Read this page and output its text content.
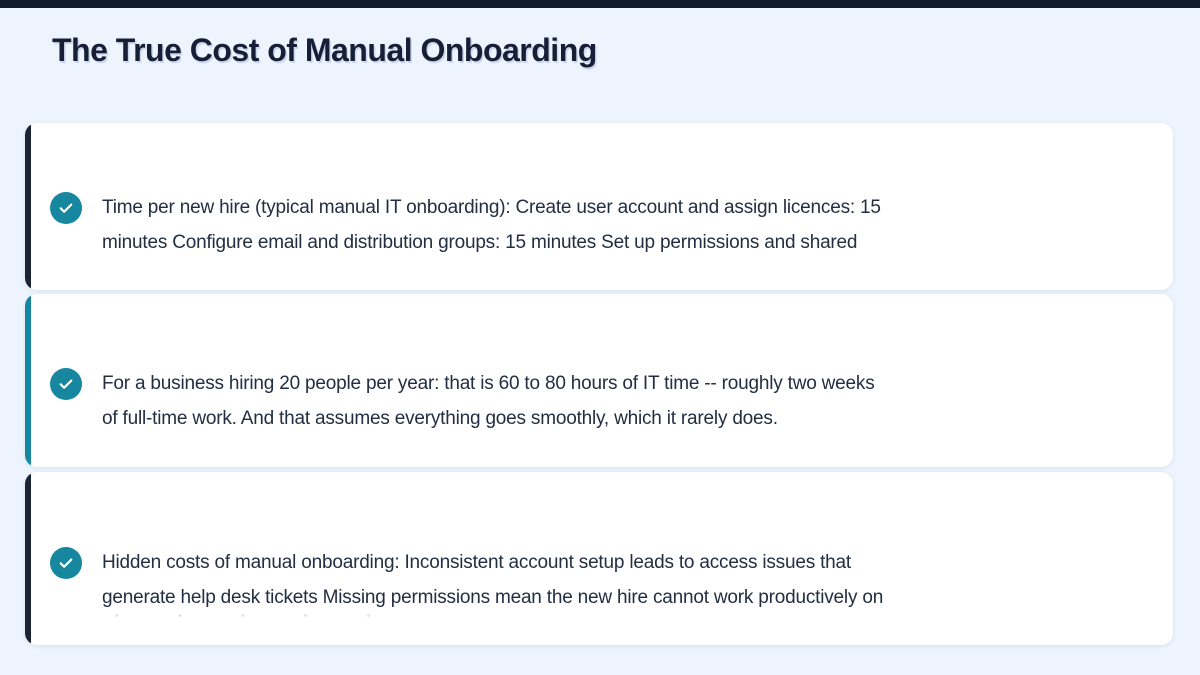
The True Cost of Manual Onboarding
Time per new hire (typical manual IT onboarding): Create user account and assign licences: 15
minutes Configure email and distribution groups: 15 minutes Set up permissions and shared
For a business hiring 20 people per year: that is 60 to 80 hours of IT time -- roughly two weeks
of full-time work. And that assumes everything goes smoothly, which it rarely does.
Hidden costs of manual onboarding: Inconsistent account setup leads to access issues that
generate help desk tickets Missing permissions mean the new hire cannot work productively on
• • • • •
